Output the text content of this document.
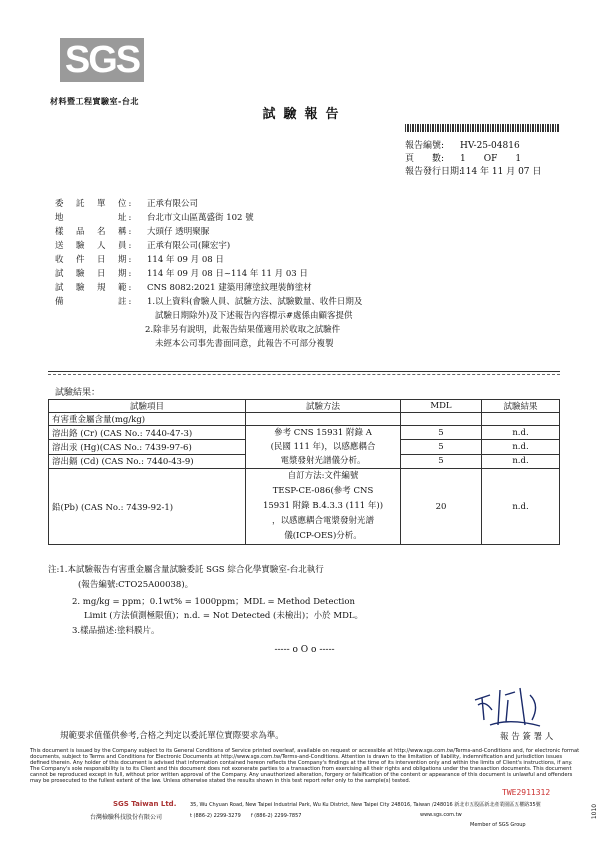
SGS
材料暨工程實驗室-台北
試驗報告
報告編號: HV-25-04816
頁　　數: 1　　 OF　　 1
報告發行日期:114 年 11 月 07 日
委　託　單　位: 正承有限公司
地　　　　　址: 台北市文山區萬盛街 102 號
樣　品　名　稱: 大頭仔 透明聚脲
送　驗　人　員: 正承有限公司(陳宏宇)
收　件　日　期: 114 年 09 月 08 日
試　驗　日　期: 114 年 09 月 08 日~114 年 11 月 03 日
試　驗　規　範: CNS 8082:2021 建築用薄塗紋理裝飾塗材
備　　　　　註: 1.以上資料(會驗人員、試驗方法、試驗數量、收件日期及
試驗日期除外)及下述報告內容標示#處係由顧客提供
2.除非另有說明，此報告結果僅適用於收取之試驗件
未經本公司事先書面同意，此報告不可部分複製
試驗結果：
試驗項目	試驗方法	MDL	試驗結果
有害重金屬含量(mg/kg)			
溶出鉻 (Cr) (CAS No.: 7440-47-3)	參考 CNS 15931 附錄 A
(民國 111 年)，以感應耦合
電漿發射光譜儀分析。	5	n.d.
溶出汞 (Hg)(CAS No.: 7439-97-6)		5	n.d.
溶出鎘 (Cd) (CAS No.: 7440-43-9)		5	n.d.
鉛(Pb) (CAS No.: 7439-92-1)	自訂方法:文件編號
TESP-CE-086(參考 CNS
15931 附錄 B.4.3.3 (111 年))
，以感應耦合電漿發射光譜
儀(ICP-OES)分析。	20	n.d.
注:1.本試驗報告有害重金屬含量試驗委託 SGS 綜合化學實驗室-台北執行
(報告編號:CTO25A00038)。
2. mg/kg = ppm；0.1wt% = 1000ppm；MDL = Method Detection
Limit (方法偵測極限值)；n.d. = Not Detected (未檢出)；小於 MDL。
3.樣品描述:塗料膜片。
----- o O o -----
規範要求值僅供參考,合格之判定以委託單位實際要求為準。	報 告 簽 署 人
This document is issued by the Company subject to its General Conditions of Service printed overleaf, available on request or accessible at http://www.sgs.com.tw/Terms-and-Conditions and, for electronic format documents, subject to Terms and Conditions for Electronic Documents at http://www.sgs.com.tw/Terms-and-Conditions. Attention is drawn to the limitation of liability, indemnification and jurisdiction issues defined therein. Any holder of this document is advised that information contained hereon reflects the Company's findings at the time of its intervention only and within the limits of Client's instructions, if any. The Company's sole responsibility is to its Client and this document does not exonerate parties to a transaction from exercising all their rights and obligations under the transaction documents. This document cannot be reproduced except in full, without prior written approval of the Company. Any unauthorized alteration, forgery or falsification of the content or appearance of this document is unlawful and offenders may be prosecuted to the fullest extent of the law. Unless otherwise stated the results shown in this test report refer only to the sample(s) tested.
TWE2911312
SGS Taiwan Ltd.
台灣檢驗科技股份有限公司
35, Wu Chyuan Road, New Taipei Industrial Park, Wu Ku District, New Taipei City 248016, Taiwan /248016 新北市五股區新北產業園區五權路35號
t (886-2) 2299-3279　　f (886-2) 2299-7857	www.sgs.com.tw
Member of SGS Group
1010
